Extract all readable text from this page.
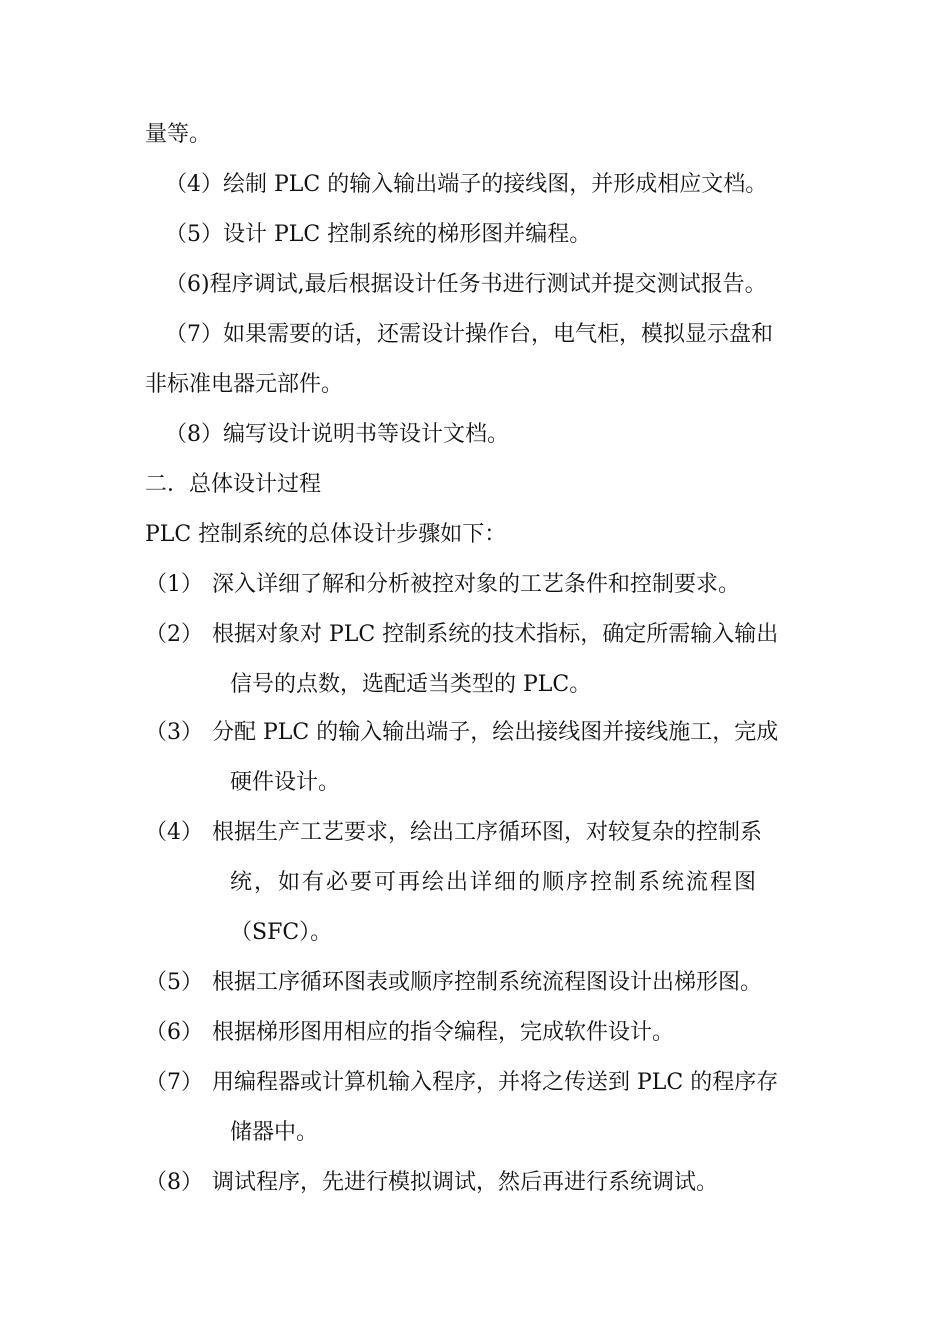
量等。
（4）绘制 PLC 的输入输出端子的接线图，并形成相应文档。
（5）设计 PLC 控制系统的梯形图并编程。
（6)程序调试,最后根据设计任务书进行测试并提交测试报告。
（7）如果需要的话，还需设计操作台，电气柜，模拟显示盘和
非标准电器元部件。
（8）编写设计说明书等设计文档。
二．总体设计过程
PLC 控制系统的总体设计步骤如下：
（1） 深入详细了解和分析被控对象的工艺条件和控制要求。
（2） 根据对象对 PLC 控制系统的技术指标，确定所需输入输出
信号的点数，选配适当类型的 PLC。
（3） 分配 PLC 的输入输出端子，绘出接线图并接线施工，完成
硬件设计。
（4） 根据生产工艺要求，绘出工序循环图，对较复杂的控制系
统，如有必要可再绘出详细的顺序控制系统流程图
（SFC）。
（5） 根据工序循环图表或顺序控制系统流程图设计出梯形图。
（6） 根据梯形图用相应的指令编程，完成软件设计。
（7） 用编程器或计算机输入程序，并将之传送到 PLC 的程序存
储器中。
（8） 调试程序，先进行模拟调试，然后再进行系统调试。
